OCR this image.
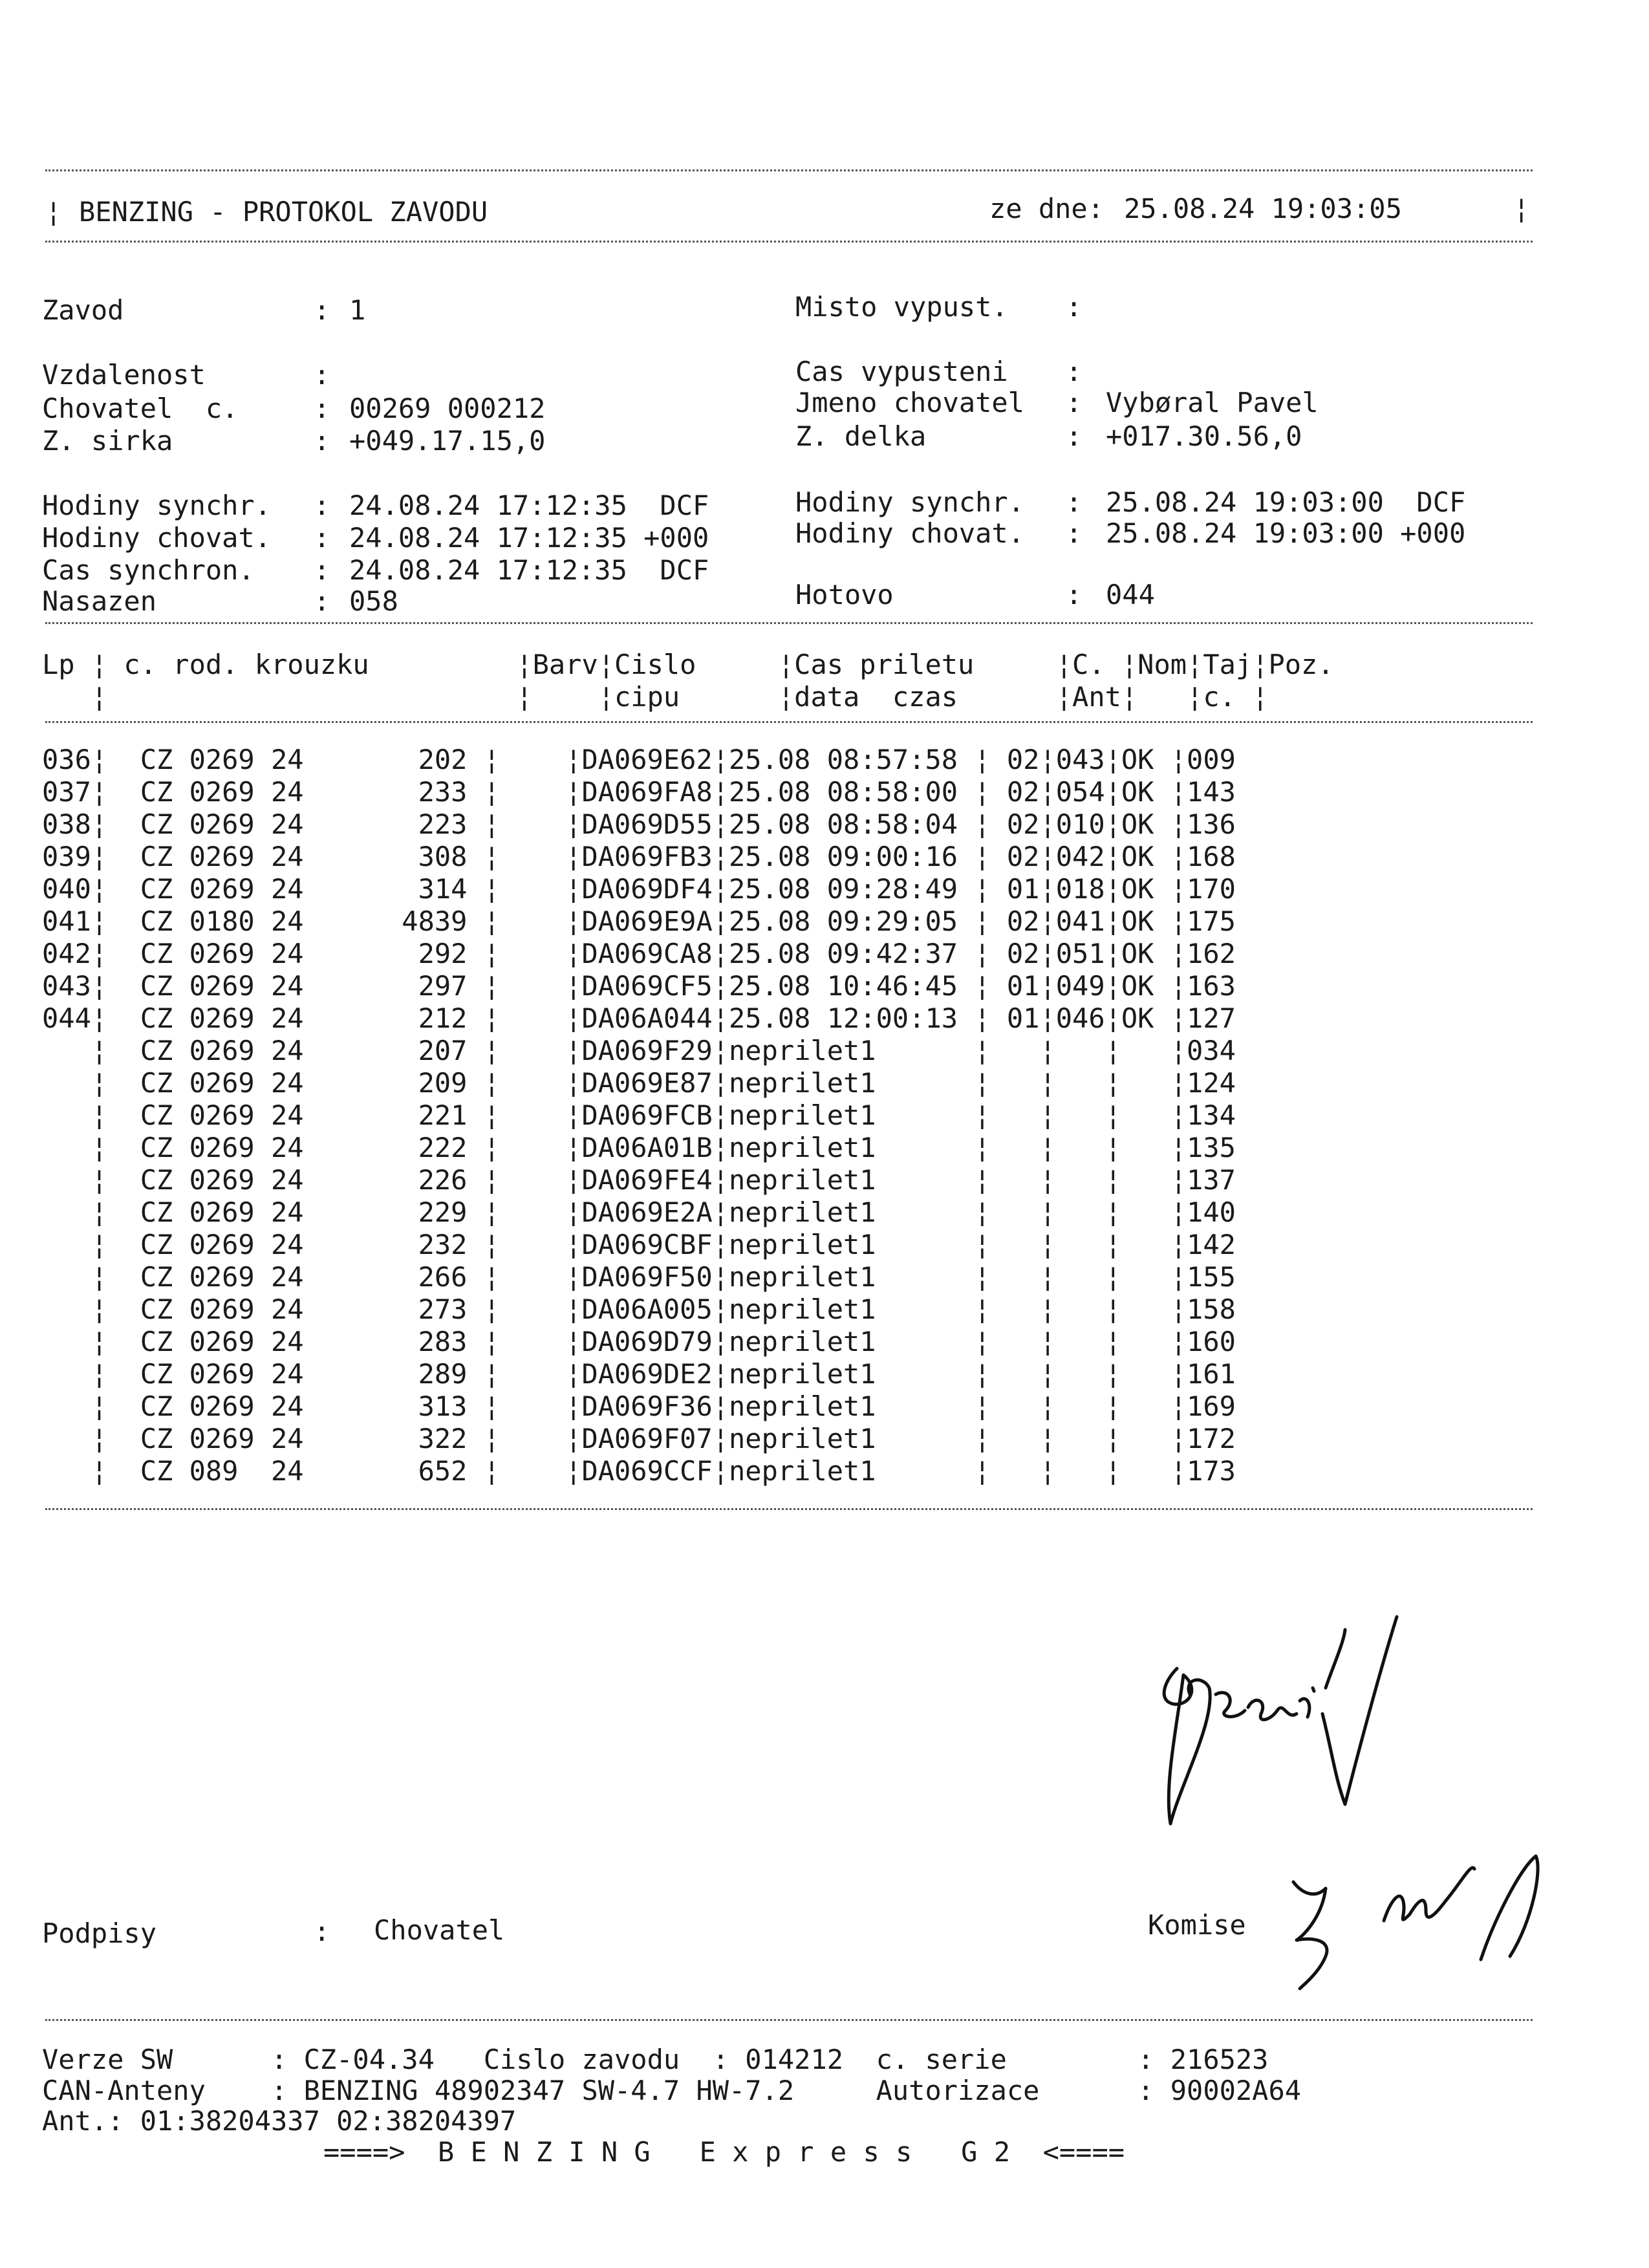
¦ BENZING - PROTOKOL ZAVODU	ze dne: 25.08.24 19:03:05	¦
Zavod	: 1	Misto vypust. :
Vzdalenost	:	Cas vypusteni :
Chovatel  c.	: 00269 000212	Jmeno chovatel : Vybøral Pavel
Z. sirka	: +049.17.15,0	Z. delka	: +017.30.56,0
Hodiny synchr. : 24.08.24 17:12:35  DCF	Hodiny synchr. : 25.08.24 19:03:00  DCF
Hodiny chovat. : 24.08.24 17:12:35 +000	Hodiny chovat. : 25.08.24 19:03:00 +000
Cas synchron. : 24.08.24 17:12:35  DCF
Nasazen	: 058	Hotovo	: 044
Lp ¦ c. rod. krouzku         ¦Barv¦Cislo     ¦Cas priletu     ¦C. ¦Nom¦Taj¦Poz.
¦                         ¦    ¦cipu      ¦data  czas      ¦Ant¦   ¦c. ¦
036¦  CZ 0269 24       202 ¦    ¦DA069E62¦25.08 08:57:58 ¦ 02¦043¦OK ¦009
037¦  CZ 0269 24       233 ¦    ¦DA069FA8¦25.08 08:58:00 ¦ 02¦054¦OK ¦143
038¦  CZ 0269 24       223 ¦    ¦DA069D55¦25.08 08:58:04 ¦ 02¦010¦OK ¦136
039¦  CZ 0269 24       308 ¦    ¦DA069FB3¦25.08 09:00:16 ¦ 02¦042¦OK ¦168
040¦  CZ 0269 24       314 ¦    ¦DA069DF4¦25.08 09:28:49 ¦ 01¦018¦OK ¦170
041¦  CZ 0180 24      4839 ¦    ¦DA069E9A¦25.08 09:29:05 ¦ 02¦041¦OK ¦175
042¦  CZ 0269 24       292 ¦    ¦DA069CA8¦25.08 09:42:37 ¦ 02¦051¦OK ¦162
043¦  CZ 0269 24       297 ¦    ¦DA069CF5¦25.08 10:46:45 ¦ 01¦049¦OK ¦163
044¦  CZ 0269 24       212 ¦    ¦DA06A044¦25.08 12:00:13 ¦ 01¦046¦OK ¦127
¦  CZ 0269 24       207 ¦    ¦DA069F29¦neprilet1      ¦   ¦   ¦   ¦034
¦  CZ 0269 24       209 ¦    ¦DA069E87¦neprilet1      ¦   ¦   ¦   ¦124
¦  CZ 0269 24       221 ¦    ¦DA069FCB¦neprilet1      ¦   ¦   ¦   ¦134
¦  CZ 0269 24       222 ¦    ¦DA06A01B¦neprilet1      ¦   ¦   ¦   ¦135
¦  CZ 0269 24       226 ¦    ¦DA069FE4¦neprilet1      ¦   ¦   ¦   ¦137
¦  CZ 0269 24       229 ¦    ¦DA069E2A¦neprilet1      ¦   ¦   ¦   ¦140
¦  CZ 0269 24       232 ¦    ¦DA069CBF¦neprilet1      ¦   ¦   ¦   ¦142
¦  CZ 0269 24       266 ¦    ¦DA069F50¦neprilet1      ¦   ¦   ¦   ¦155
¦  CZ 0269 24       273 ¦    ¦DA06A005¦neprilet1      ¦   ¦   ¦   ¦158
¦  CZ 0269 24       283 ¦    ¦DA069D79¦neprilet1      ¦   ¦   ¦   ¦160
¦  CZ 0269 24       289 ¦    ¦DA069DE2¦neprilet1      ¦   ¦   ¦   ¦161
¦  CZ 0269 24       313 ¦    ¦DA069F36¦neprilet1      ¦   ¦   ¦   ¦169
¦  CZ 0269 24       322 ¦    ¦DA069F07¦neprilet1      ¦   ¦   ¦   ¦172
¦  CZ 089  24       652 ¦    ¦DA069CCF¦neprilet1      ¦   ¦   ¦   ¦173
Podpisy	: Chovatel	Komise
Verze SW      : CZ-04.34   Cislo zavodu  : 014212  c. serie        : 216523
CAN-Anteny    : BENZING 48902347 SW-4.7 HW-7.2     Autorizace      : 90002A64
Ant.: 01:38204337 02:38204397
====>  B E N Z I N G   E x p r e s s   G 2  <====
